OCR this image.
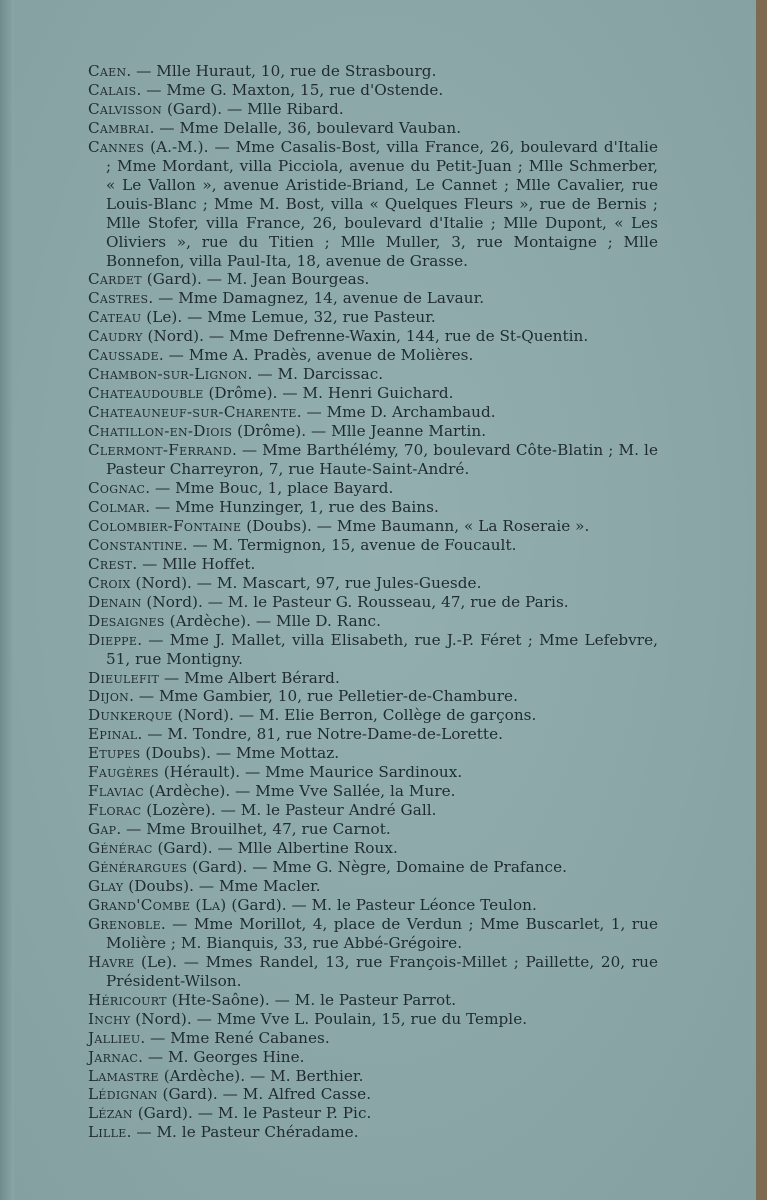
Caen. — Mlle Huraut, 10, rue de Strasbourg.

Calais. — Mme G. Maxton, 15, rue d'Ostende.

Calvisson (Gard). — Mlle Ribard.

Cambrai. — Mme Delalle, 36, boulevard Vauban.

Cannes (A.-M.). — Mme Casalis-Bost, villa France, 26, boulevard d'Italie ; Mme Mordant, villa Picciola, avenue du Petit-Juan ; Mlle Schmerber, « Le Vallon », avenue Aristide-Briand, Le Cannet ; Mlle Cavalier, rue Louis-Blanc ; Mme M. Bost, villa « Quelques Fleurs », rue de Bernis ; Mlle Stofer, villa France, 26, boulevard d'Italie ; Mlle Dupont, « Les Oliviers », rue du Titien ; Mlle Muller, 3, rue Montaigne ; Mlle Bonnefon, villa Paul-Ita, 18, avenue de Grasse.

Cardet (Gard). — M. Jean Bourgeas.

Castres. — Mme Damagnez, 14, avenue de Lavaur.

Cateau (Le). — Mme Lemue, 32, rue Pasteur.

Caudry (Nord). — Mme Defrenne-Waxin, 144, rue de St-Quentin.

Caussade. — Mme A. Pradès, avenue de Molières.

Chambon-sur-Lignon. — M. Darcissac.

Chateaudouble (Drôme). — M. Henri Guichard.

Chateauneuf-sur-Charente. — Mme D. Archambaud.

Chatillon-en-Diois (Drôme). — Mlle Jeanne Martin.

Clermont-Ferrand. — Mme Barthélémy, 70, boulevard Côte-Blatin ; M. le Pasteur Charreyron, 7, rue Haute-Saint-André.

Cognac. — Mme Bouc, 1, place Bayard.

Colmar. — Mme Hunzinger, 1, rue des Bains.

Colombier-Fontaine (Doubs). — Mme Baumann, « La Roseraie ».

Constantine. — M. Termignon, 15, avenue de Foucault.

Crest. — Mlle Hoffet.

Croix (Nord). — M. Mascart, 97, rue Jules-Guesde.

Denain (Nord). — M. le Pasteur G. Rousseau, 47, rue de Paris.

Desaignes (Ardèche). — Mlle D. Ranc.

Dieppe. — Mme J. Mallet, villa Elisabeth, rue J.-P. Féret ; Mme Lefebvre, 51, rue Montigny.

Dieulefit — Mme Albert Bérard.

Dijon. — Mme Gambier, 10, rue Pelletier-de-Chambure.

Dunkerque (Nord). — M. Elie Berron, Collège de garçons.

Epinal. — M. Tondre, 81, rue Notre-Dame-de-Lorette.

Etupes (Doubs). — Mme Mottaz.

Faugères (Hérault). — Mme Maurice Sardinoux.

Flaviac (Ardèche). — Mme Vve Sallée, la Mure.

Florac (Lozère). — M. le Pasteur André Gall.

Gap. — Mme Brouilhet, 47, rue Carnot.

Générac (Gard). — Mlle Albertine Roux.

Générargues (Gard). — Mme G. Nègre, Domaine de Prafance.

Glay (Doubs). — Mme Macler.

Grand'Combe (La) (Gard). — M. le Pasteur Léonce Teulon.

Grenoble. — Mme Morillot, 4, place de Verdun ; Mme Buscarlet, 1, rue Molière ; M. Bianquis, 33, rue Abbé-Grégoire.

Havre (Le). — Mmes Randel, 13, rue François-Millet ; Paillette, 20, rue Président-Wilson.

Héricourt (Hte-Saône). — M. le Pasteur Parrot.

Inchy (Nord). — Mme Vve L. Poulain, 15, rue du Temple.

Jallieu. — Mme René Cabanes.

Jarnac. — M. Georges Hine.

Lamastre (Ardèche). — M. Berthier.

Lédignan (Gard). — M. Alfred Casse.

Lézan (Gard). — M. le Pasteur P. Pic.

Lille. — M. le Pasteur Chéradame.
